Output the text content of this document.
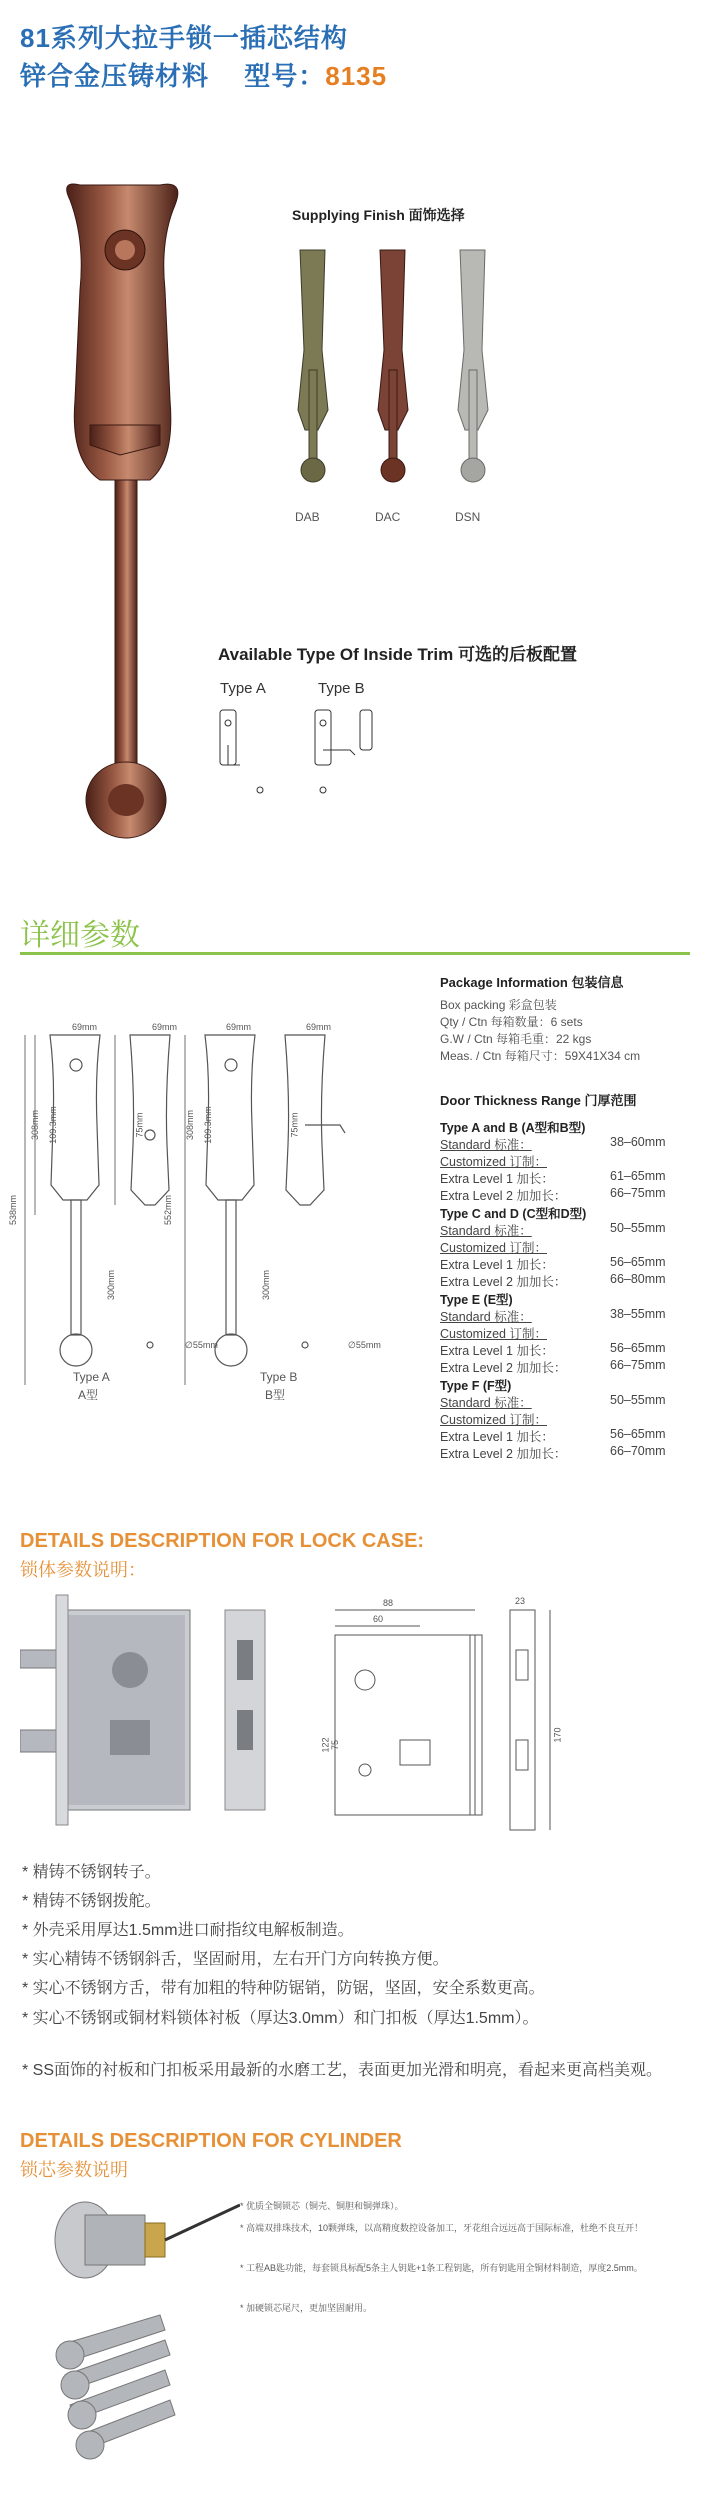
81系列大拉手锁一插芯结构
锌合金压铸材料　 型号：8135
Supplying Finish 面饰选择
DAB	DAC	DSN
Available Type Of Inside Trim 可选的后板配置
Type A	Type B
详细参数
69mm	69mm	69mm	69mm
538mm
308mm 109.3mm
300mm
75mm
∅55mm
552mm
308mm 109.3mm
300mm
75mm
∅55mm
Type A
A型
Type B
B型
Package Information 包装信息
Box packing 彩盒包装
Qty / Ctn 每箱数量：6 sets
G.W / Ctn 每箱毛重：22 kgs
Meas. / Ctn 每箱尺寸：59X41X34 cm
Door Thickness Range 门厚范围
Type A and B (A型和B型)
Standard 标准：	38–60mm
Customized 订制：
Extra Level 1 加长：	61–65mm
Extra Level 2 加加长：	66–75mm
Type C and D (C型和D型)
Standard 标准：	50–55mm
Customized 订制：
Extra Level 1 加长：	56–65mm
Extra Level 2 加加长：	66–80mm
Type E (E型)
Standard 标准：	38–55mm
Customized 订制：
Extra Level 1 加长：	56–65mm
Extra Level 2 加加长：	66–75mm
Type F (F型)
Standard 标准：	50–55mm
Customized 订制：
Extra Level 1 加长：	56–65mm
Extra Level 2 加加长：	66–70mm
DETAILS DESCRIPTION FOR LOCK CASE:
锁体参数说明：
88
60
122 75
23
170
* 精铸不锈钢转子。
* 精铸不锈钢拨舵。
* 外壳采用厚达1.5mm进口耐指纹电解板制造。
* 实心精铸不锈钢斜舌，坚固耐用，左右开门方向转换方便。
* 实心不锈钢方舌，带有加粗的特种防锯销，防锯，坚固，安全系数更高。
* 实心不锈钢或铜材料锁体衬板（厚达3.0mm）和门扣板（厚达1.5mm）。
* SS面饰的衬板和门扣板采用最新的水磨工艺，表面更加光滑和明亮，看起来更高档美观。
DETAILS DESCRIPTION FOR CYLINDER
锁芯参数说明
* 优质全铜锁芯（铜壳、铜胆和铜弹珠）。
* 高端双排珠技术，10颗弹珠，以高精度数控设备加工，牙花组合远远高于国际标准，杜绝不良互开！
* 工程AB匙功能，每套锁具标配5条主人钥匙+1条工程钥匙，所有钥匙用全铜材料制造，厚度2.5mm。
* 加硬锁芯尾尺，更加坚固耐用。
